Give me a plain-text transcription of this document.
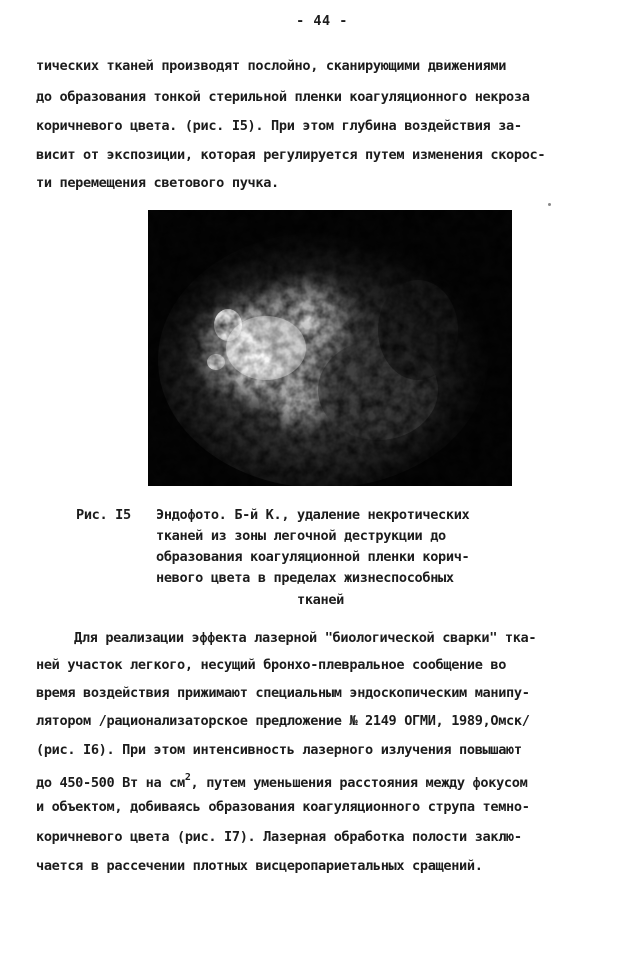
- 44 -
тических тканей производят послойно, сканирующими движениями
до образования тонкой стерильной пленки коагуляционного некроза
коричневого цвета. (рис. I5). При этом глубина воздействия за-
висит от экспозиции, которая регулируется путем изменения скорос-
ти перемещения светового пучка.
Рис. I5 Эндофото. Б-й К., удаление некротических
тканей из зоны легочной деструкции до
образования коагуляционной пленки корич-
невого цвета в пределах жизнеспособных
тканей
Для реализации эффекта лазерной "биологической сварки" тка-
ней участок легкого, несущий бронхо-плевральное сообщение во
время воздействия прижимают специальным эндоскопическим манипу-
лятором /рационализаторское предложение № 2149 ОГМИ, 1989,Омск/
(рис. I6). При этом интенсивность лазерного излучения повышают
до 450-500 Вт на $см^2$, путем уменьшения расстояния между фокусом
и объектом, добиваясь образования коагуляционного струпа темно-
коричневого цвета (рис. I7). Лазерная обработка полости заклю-
чается в рассечении плотных висцеропариетальных сращений.
